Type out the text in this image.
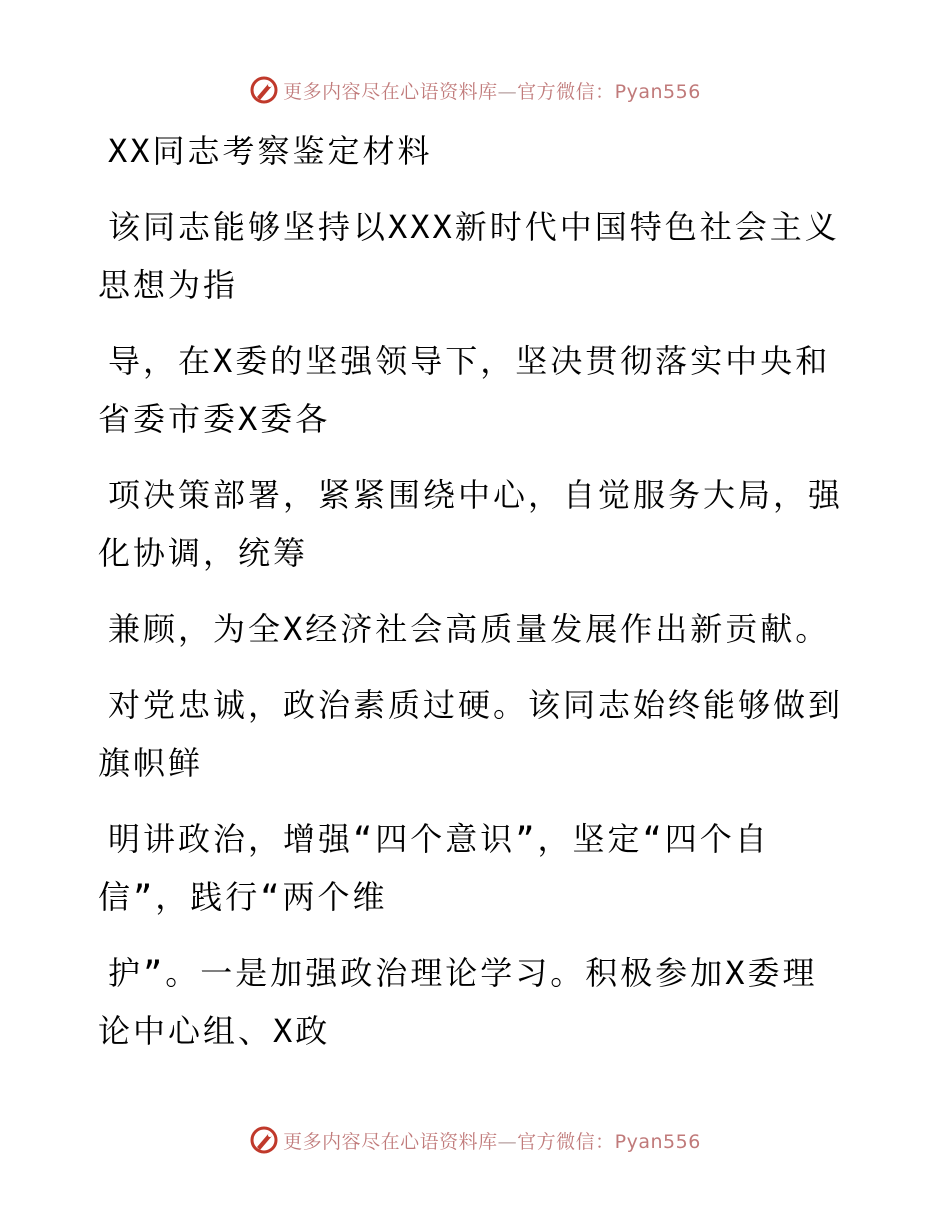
更多内容尽在心语资料库—官方微信：Pyan556
XX同志考察鉴定材料
该同志能够坚持以XXX新时代中国特色社会主义
思想为指
导，在X委的坚强领导下，坚决贯彻落实中央和
省委市委X委各
项决策部署，紧紧围绕中心，自觉服务大局，强
化协调，统筹
兼顾，为全X经济社会高质量发展作出新贡献。
对党忠诚，政治素质过硬。该同志始终能够做到
旗帜鲜
明讲政治，增强“四个意识”，坚定“四个自
信”，践行“两个维
护”。一是加强政治理论学习。积极参加X委理
论中心组、X政
更多内容尽在心语资料库—官方微信：Pyan556
